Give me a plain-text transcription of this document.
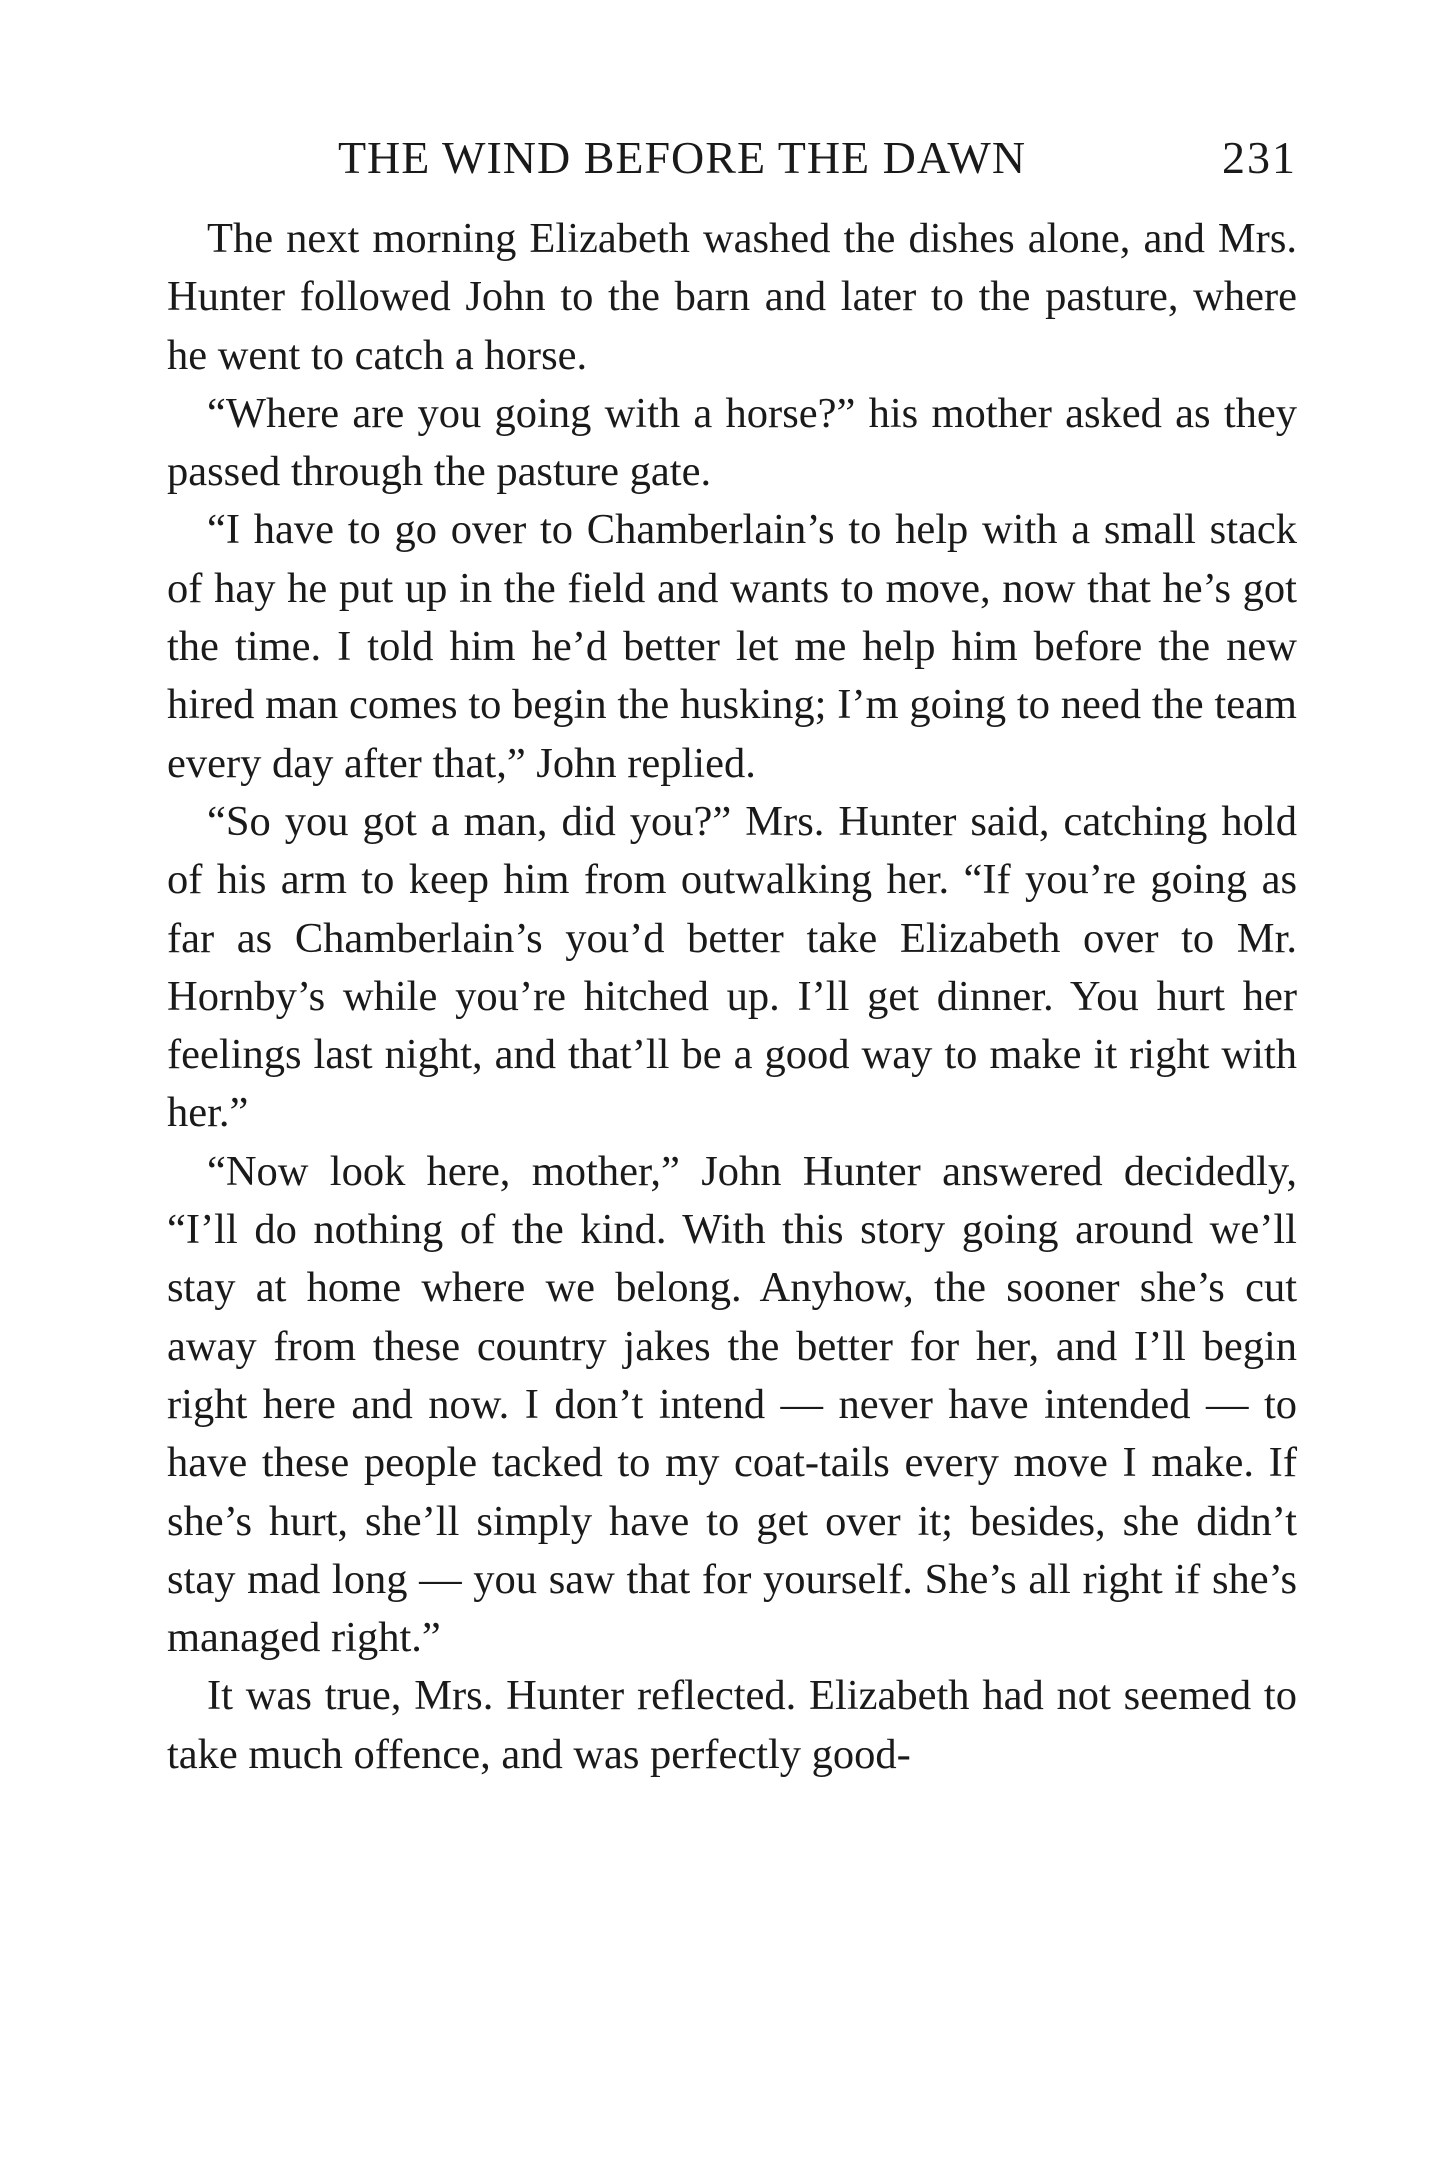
THE WIND BEFORE THE DAWN	231

The next morning Elizabeth washed the dishes alone, and Mrs. Hunter followed John to the barn and later to the pasture, where he went to catch a horse.

“Where are you going with a horse?” his mother asked as they passed through the pasture gate.

“I have to go over to Chamberlain’s to help with a small stack of hay he put up in the field and wants to move, now that he’s got the time. I told him he’d better let me help him before the new hired man comes to begin the husking; I’m going to need the team every day after that,” John replied.

“So you got a man, did you?” Mrs. Hunter said, catching hold of his arm to keep him from outwalking her. “If you’re going as far as Chamberlain’s you’d better take Elizabeth over to Mr. Hornby’s while you’re hitched up. I’ll get dinner. You hurt her feelings last night, and that’ll be a good way to make it right with her.”

“Now look here, mother,” John Hunter answered decidedly, “I’ll do nothing of the kind. With this story going around we’ll stay at home where we belong. Anyhow, the sooner she’s cut away from these country jakes the better for her, and I’ll begin right here and now. I don’t intend — never have intended — to have these people tacked to my coat-tails every move I make. If she’s hurt, she’ll simply have to get over it; besides, she didn’t stay mad long — you saw that for yourself. She’s all right if she’s managed right.”

It was true, Mrs. Hunter reflected. Elizabeth had not seemed to take much offence, and was perfectly good-
